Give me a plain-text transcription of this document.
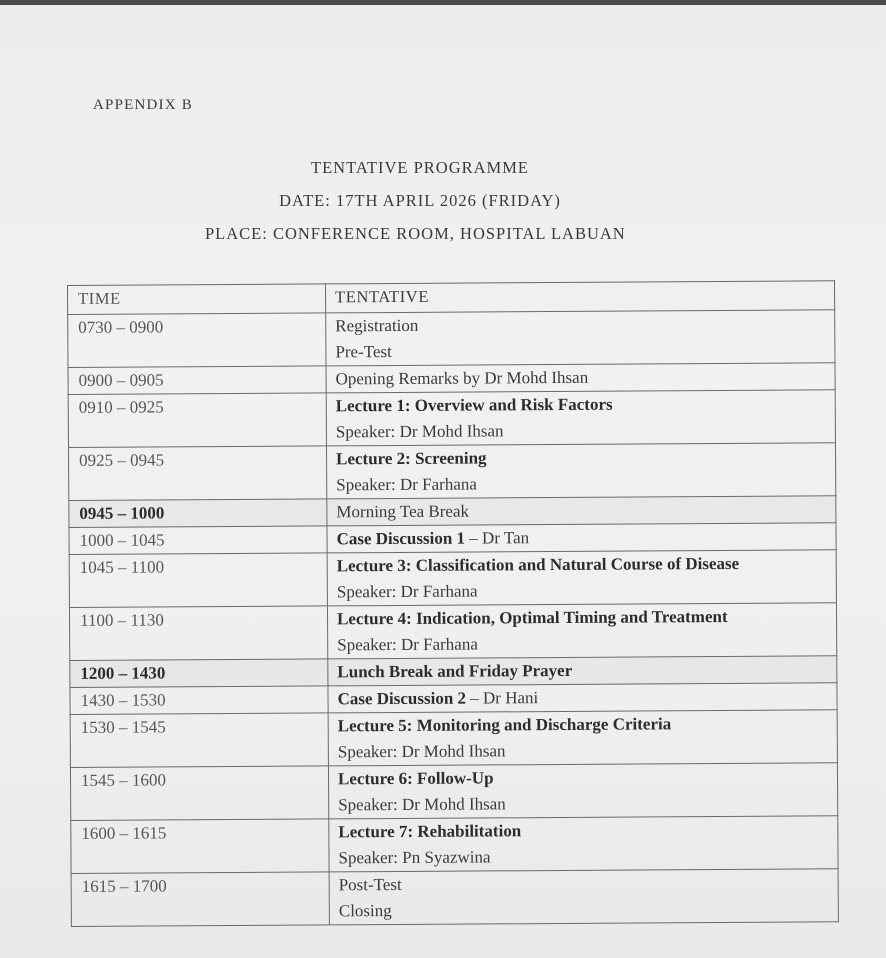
APPENDIX B
TENTATIVE PROGRAMME
DATE: 17TH APRIL 2026 (FRIDAY)
PLACE: CONFERENCE ROOM, HOSPITAL LABUAN
TIME	TENTATIVE

0730 – 0900	Registration
Pre-Test

0900 – 0905	Opening Remarks by Dr Mohd Ihsan

0910 – 0925	Lecture 1: Overview and Risk Factors
Speaker: Dr Mohd Ihsan

0925 – 0945	Lecture 2: Screening
Speaker: Dr Farhana

0945 – 1000	Morning Tea Break

1000 – 1045	Case Discussion 1 – Dr Tan

1045 – 1100	Lecture 3: Classification and Natural Course of Disease
Speaker: Dr Farhana

1100 – 1130	Lecture 4: Indication, Optimal Timing and Treatment
Speaker: Dr Farhana

1200 – 1430	Lunch Break and Friday Prayer

1430 – 1530	Case Discussion 2 – Dr Hani

1530 – 1545	Lecture 5: Monitoring and Discharge Criteria
Speaker: Dr Mohd Ihsan

1545 – 1600	Lecture 6: Follow-Up
Speaker: Dr Mohd Ihsan

1600 – 1615	Lecture 7: Rehabilitation
Speaker: Pn Syazwina

1615 – 1700	Post-Test
Closing
